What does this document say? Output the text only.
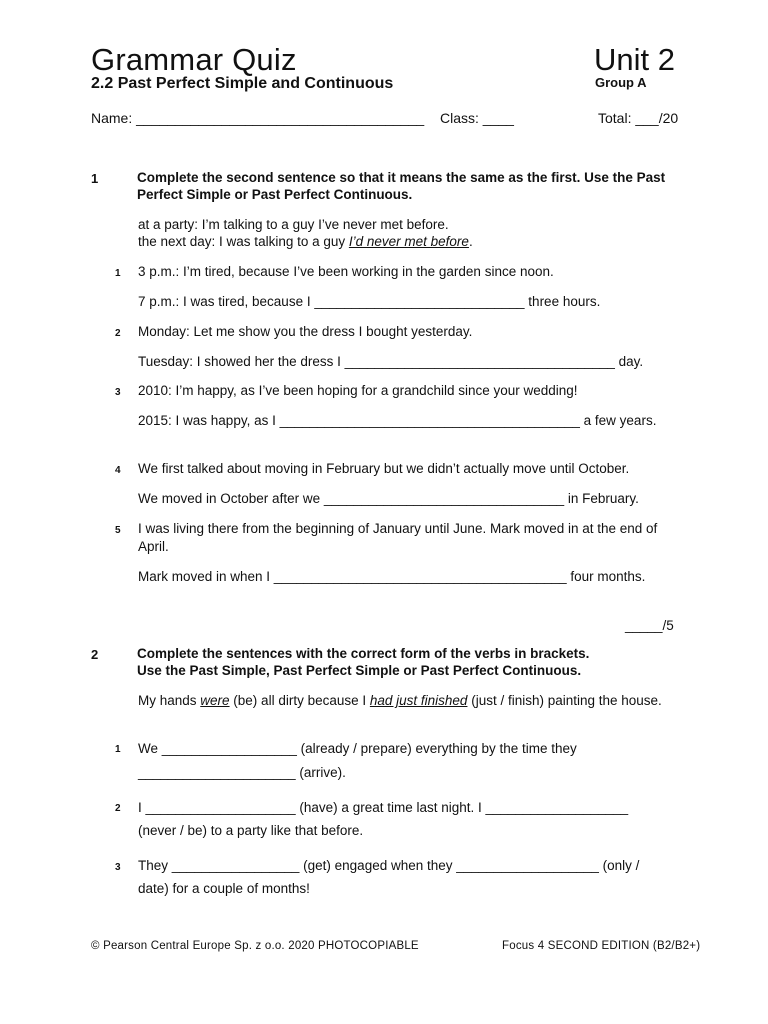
Grammar Quiz	Unit 2
2.2 Past Perfect Simple and Continuous	Group A
Name: _____________________________________ Class: ____	Total: ___/20
1	Complete the second sentence so that it means the same as the first. Use the Past Perfect Simple or Past Perfect Continuous.
at a party: I’m talking to a guy I’ve never met before.
the next day: I was talking to a guy I’d never met before.
1 3 p.m.: I’m tired, because I’ve been working in the garden since noon.
7 p.m.: I was tired, because I ____________________________ three hours.
2 Monday: Let me show you the dress I bought yesterday.
Tuesday: I showed her the dress I ____________________________________ day.
3 2010: I’m happy, as I’ve been hoping for a grandchild since your wedding!
2015: I was happy, as I ________________________________________ a few years.
4 We first talked about moving in February but we didn’t actually move until October.
We moved in October after we ________________________________ in February.
5 I was living there from the beginning of January until June. Mark moved in at the end of April.
Mark moved in when I _______________________________________ four months.
_____/5
2	Complete the sentences with the correct form of the verbs in brackets. Use the Past Simple, Past Perfect Simple or Past Perfect Continuous.
My hands were (be) all dirty because I had just finished (just / finish) painting the house.
1 We __________________ (already / prepare) everything by the time they
_____________________ (arrive).
2 I ____________________ (have) a great time last night. I ___________________
(never / be) to a party like that before.
3 They _________________ (get) engaged when they ___________________ (only /
date) for a couple of months!
© Pearson Central Europe Sp. z o.o. 2020 PHOTOCOPIABLE	Focus 4 SECOND EDITION (B2/B2+)
